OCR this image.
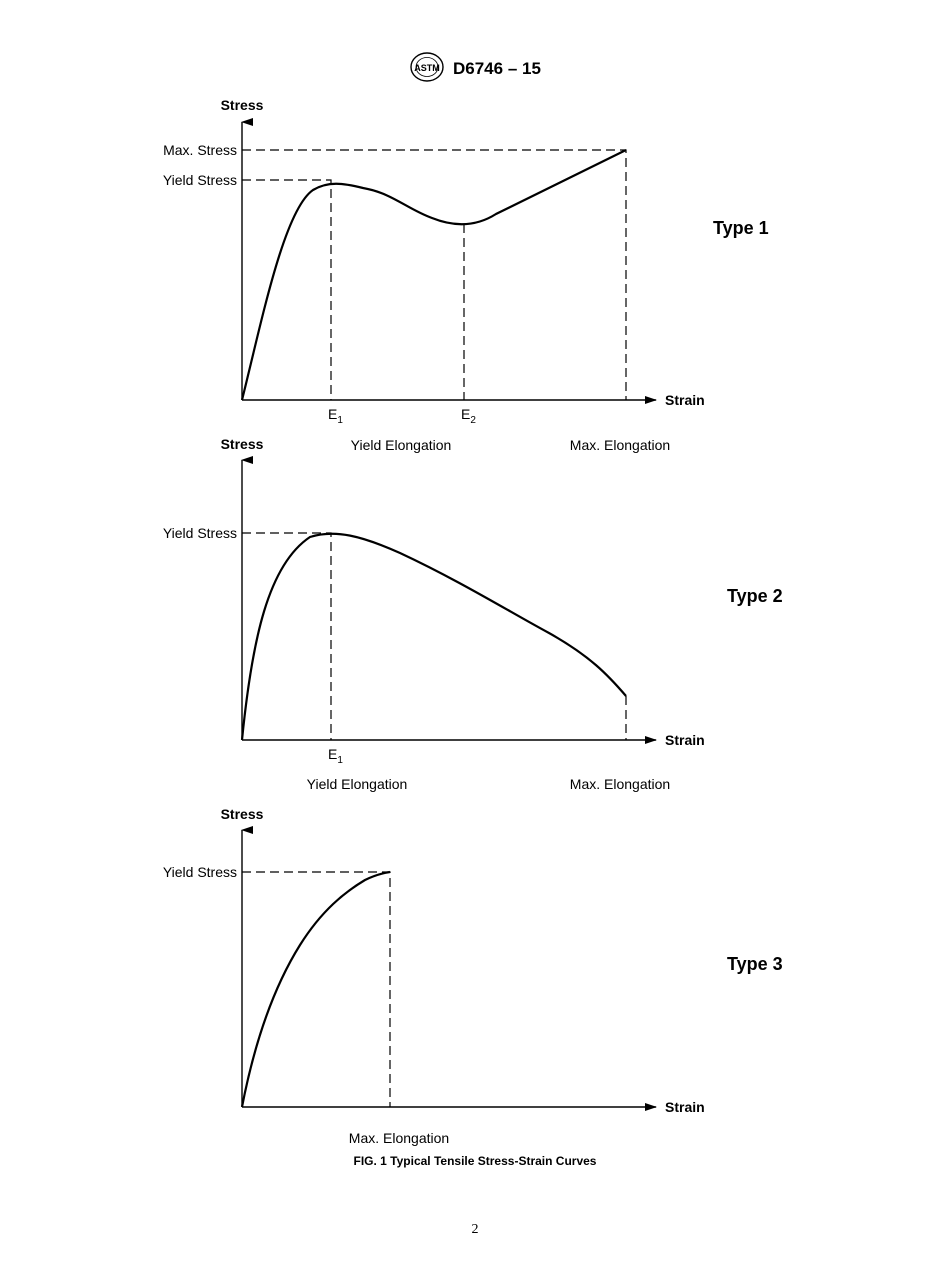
ASTM D6746 – 15
Stress
Strain
Max. Stress
Yield Stress
$E_1$	$E_2$
Yield Elongation	Max. Elongation
Type 1
Stress
Strain
Yield Stress
$E_1$
Yield Elongation	Max. Elongation
Type 2
Stress
Strain
Yield Stress
Max. Elongation
Type 3
FIG. 1 Typical Tensile Stress-Strain Curves
2
